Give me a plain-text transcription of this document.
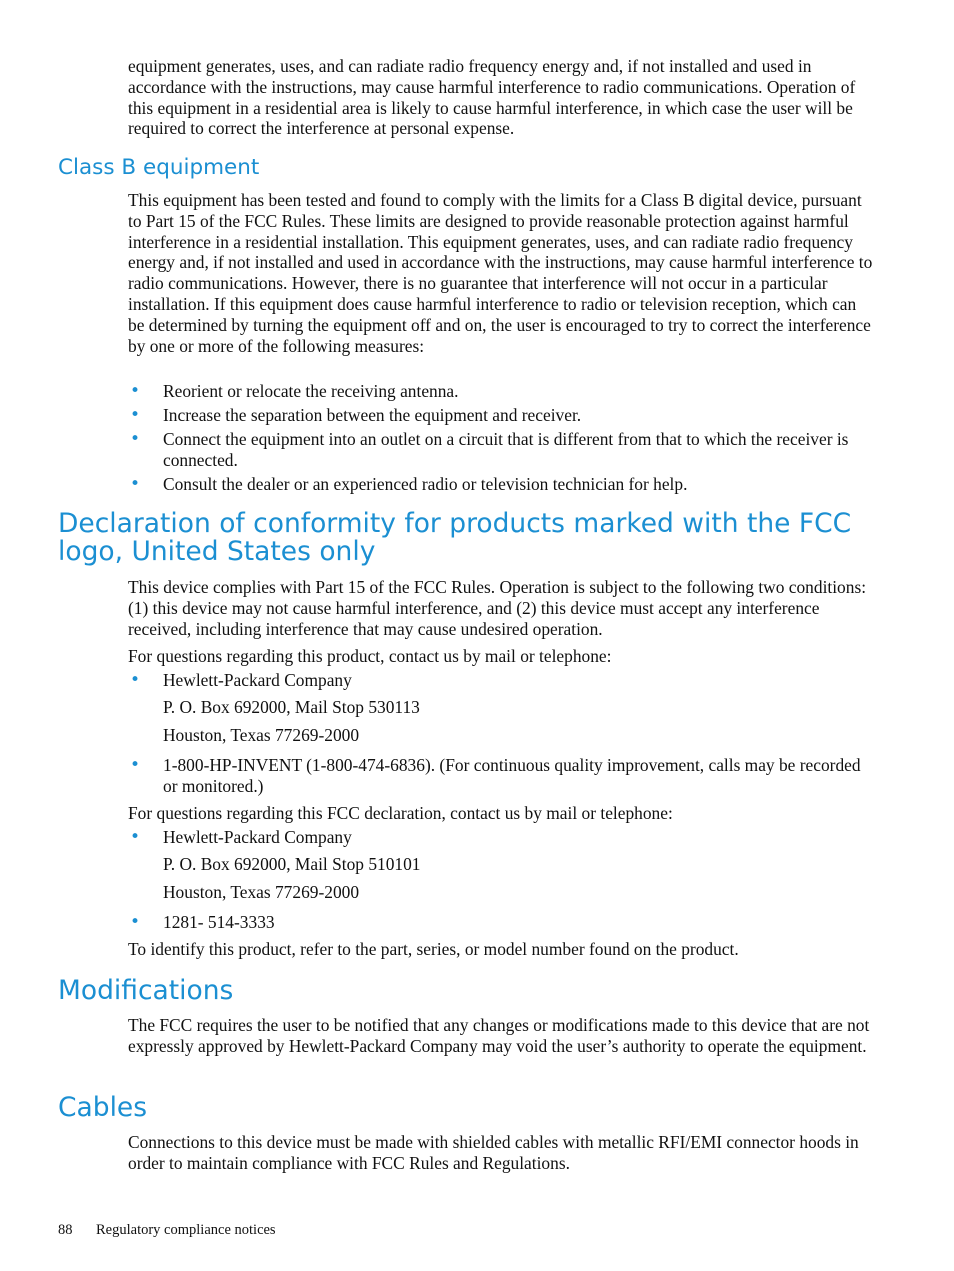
equipment generates, uses, and can radiate radio frequency energy and, if not installed and used in accordance with the instructions, may cause harmful interference to radio communications. Operation of this equipment in a residential area is likely to cause harmful interference, in which case the user will be required to correct the interference at personal expense.

Class B equipment

This equipment has been tested and found to comply with the limits for a Class B digital device, pursuant to Part 15 of the FCC Rules. These limits are designed to provide reasonable protection against harmful interference in a residential installation. This equipment generates, uses, and can radiate radio frequency energy and, if not installed and used in accordance with the instructions, may cause harmful interference to radio communications. However, there is no guarantee that interference will not occur in a particular installation. If this equipment does cause harmful interference to radio or television reception, which can be determined by turning the equipment off and on, the user is encouraged to try to correct the interference by one or more of the following measures:

• Reorient or relocate the receiving antenna.
• Increase the separation between the equipment and receiver.
• Connect the equipment into an outlet on a circuit that is different from that to which the receiver is connected.
• Consult the dealer or an experienced radio or television technician for help.
Declaration of conformity for products marked with the FCC logo, United States only

This device complies with Part 15 of the FCC Rules. Operation is subject to the following two conditions: (1) this device may not cause harmful interference, and (2) this device must accept any interference received, including interference that may cause undesired operation.

For questions regarding this product, contact us by mail or telephone:

• Hewlett-Packard Company
P. O. Box 692000, Mail Stop 530113
Houston, Texas 77269-2000
• 1-800-HP-INVENT (1-800-474-6836). (For continuous quality improvement, calls may be recorded or monitored.)

For questions regarding this FCC declaration, contact us by mail or telephone:

• Hewlett-Packard Company
P. O. Box 692000, Mail Stop 510101
Houston, Texas 77269-2000
• 1281- 514-3333

To identify this product, refer to the part, series, or model number found on the product.

Modifications

The FCC requires the user to be notified that any changes or modifications made to this device that are not expressly approved by Hewlett-Packard Company may void the user’s authority to operate the equipment.

Cables

Connections to this device must be made with shielded cables with metallic RFI/EMI connector hoods in order to maintain compliance with FCC Rules and Regulations.

88 Regulatory compliance notices
